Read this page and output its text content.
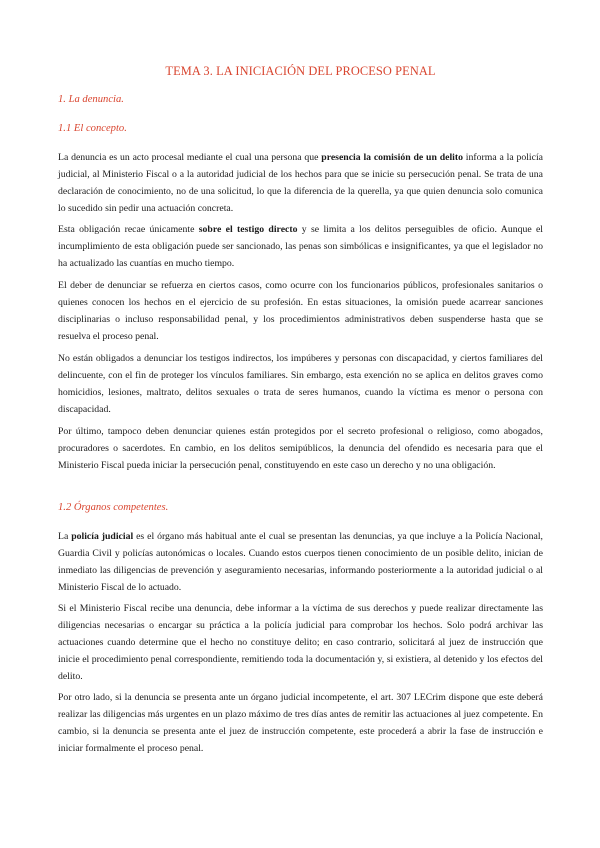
TEMA 3. LA INICIACIÓN DEL PROCESO PENAL
1. La denuncia.
1.1 El concepto.
La denuncia es un acto procesal mediante el cual una persona que presencia la comisión de un delito informa a la policía judicial, al Ministerio Fiscal o a la autoridad judicial de los hechos para que se inicie su persecución penal. Se trata de una declaración de conocimiento, no de una solicitud, lo que la diferencia de la querella, ya que quien denuncia solo comunica lo sucedido sin pedir una actuación concreta.
Esta obligación recae únicamente sobre el testigo directo y se limita a los delitos perseguibles de oficio. Aunque el incumplimiento de esta obligación puede ser sancionado, las penas son simbólicas e insignificantes, ya que el legislador no ha actualizado las cuantías en mucho tiempo.
El deber de denunciar se refuerza en ciertos casos, como ocurre con los funcionarios públicos, profesionales sanitarios o quienes conocen los hechos en el ejercicio de su profesión. En estas situaciones, la omisión puede acarrear sanciones disciplinarias o incluso responsabilidad penal, y los procedimientos administrativos deben suspenderse hasta que se resuelva el proceso penal.
No están obligados a denunciar los testigos indirectos, los impúberes y personas con discapacidad, y ciertos familiares del delincuente, con el fin de proteger los vínculos familiares. Sin embargo, esta exención no se aplica en delitos graves como homicidios, lesiones, maltrato, delitos sexuales o trata de seres humanos, cuando la víctima es menor o persona con discapacidad.
Por último, tampoco deben denunciar quienes están protegidos por el secreto profesional o religioso, como abogados, procuradores o sacerdotes. En cambio, en los delitos semipúblicos, la denuncia del ofendido es necesaria para que el Ministerio Fiscal pueda iniciar la persecución penal, constituyendo en este caso un derecho y no una obligación.
1.2 Órganos competentes.
La policía judicial es el órgano más habitual ante el cual se presentan las denuncias, ya que incluye a la Policía Nacional, Guardia Civil y policías autonómicas o locales. Cuando estos cuerpos tienen conocimiento de un posible delito, inician de inmediato las diligencias de prevención y aseguramiento necesarias, informando posteriormente a la autoridad judicial o al Ministerio Fiscal de lo actuado.
Si el Ministerio Fiscal recibe una denuncia, debe informar a la víctima de sus derechos y puede realizar directamente las diligencias necesarias o encargar su práctica a la policía judicial para comprobar los hechos. Solo podrá archivar las actuaciones cuando determine que el hecho no constituye delito; en caso contrario, solicitará al juez de instrucción que inicie el procedimiento penal correspondiente, remitiendo toda la documentación y, si existiera, al detenido y los efectos del delito.
Por otro lado, si la denuncia se presenta ante un órgano judicial incompetente, el art. 307 LECrim dispone que este deberá realizar las diligencias más urgentes en un plazo máximo de tres días antes de remitir las actuaciones al juez competente. En cambio, si la denuncia se presenta ante el juez de instrucción competente, este procederá a abrir la fase de instrucción e iniciar formalmente el proceso penal.
